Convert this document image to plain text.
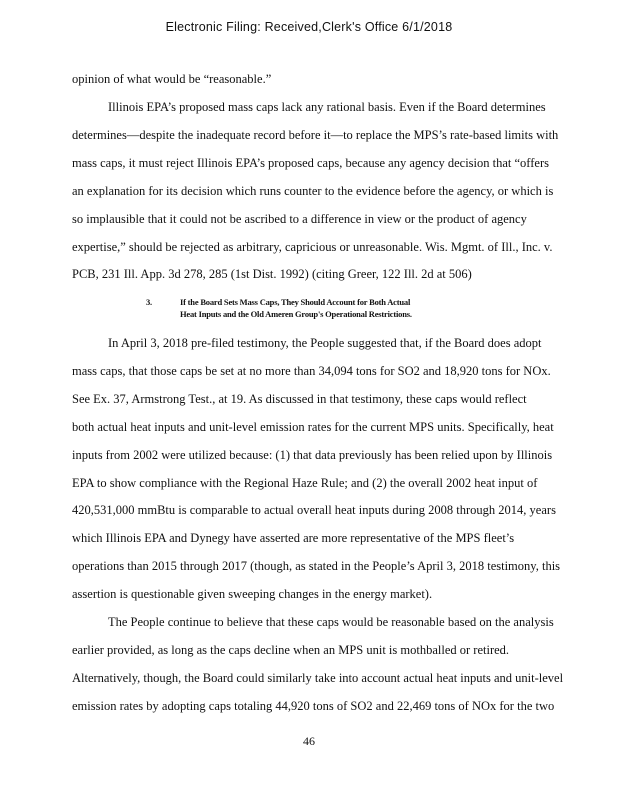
Electronic Filing: Received,Clerk's Office 6/1/2018
opinion of what would be “reasonable.”
Illinois EPA’s proposed mass caps lack any rational basis. Even if the Board determines
determines—despite the inadequate record before it—to replace the MPS’s rate-based limits with
mass caps, it must reject Illinois EPA’s proposed caps, because any agency decision that “offers
an explanation for its decision which runs counter to the evidence before the agency, or which is
so implausible that it could not be ascribed to a difference in view or the product of agency
expertise,” should be rejected as arbitrary, capricious or unreasonable. Wis. Mgmt. of Ill., Inc. v.
PCB, 231 Ill. App. 3d 278, 285 (1st Dist. 1992) (citing Greer, 122 Ill. 2d at 506)
3.	If the Board Sets Mass Caps, They Should Account for Both Actual
Heat Inputs and the Old Ameren Group's Operational Restrictions.
In April 3, 2018 pre-filed testimony, the People suggested that, if the Board does adopt
mass caps, that those caps be set at no more than 34,094 tons for SO2 and 18,920 tons for NOx.
See Ex. 37, Armstrong Test., at 19. As discussed in that testimony, these caps would reflect
both actual heat inputs and unit-level emission rates for the current MPS units. Specifically, heat
inputs from 2002 were utilized because: (1) that data previously has been relied upon by Illinois
EPA to show compliance with the Regional Haze Rule; and (2) the overall 2002 heat input of
420,531,000 mmBtu is comparable to actual overall heat inputs during 2008 through 2014, years
which Illinois EPA and Dynegy have asserted are more representative of the MPS fleet’s
operations than 2015 through 2017 (though, as stated in the People’s April 3, 2018 testimony, this
assertion is questionable given sweeping changes in the energy market).
The People continue to believe that these caps would be reasonable based on the analysis
earlier provided, as long as the caps decline when an MPS unit is mothballed or retired.
Alternatively, though, the Board could similarly take into account actual heat inputs and unit-level
emission rates by adopting caps totaling 44,920 tons of SO2 and 22,469 tons of NOx for the two
46
